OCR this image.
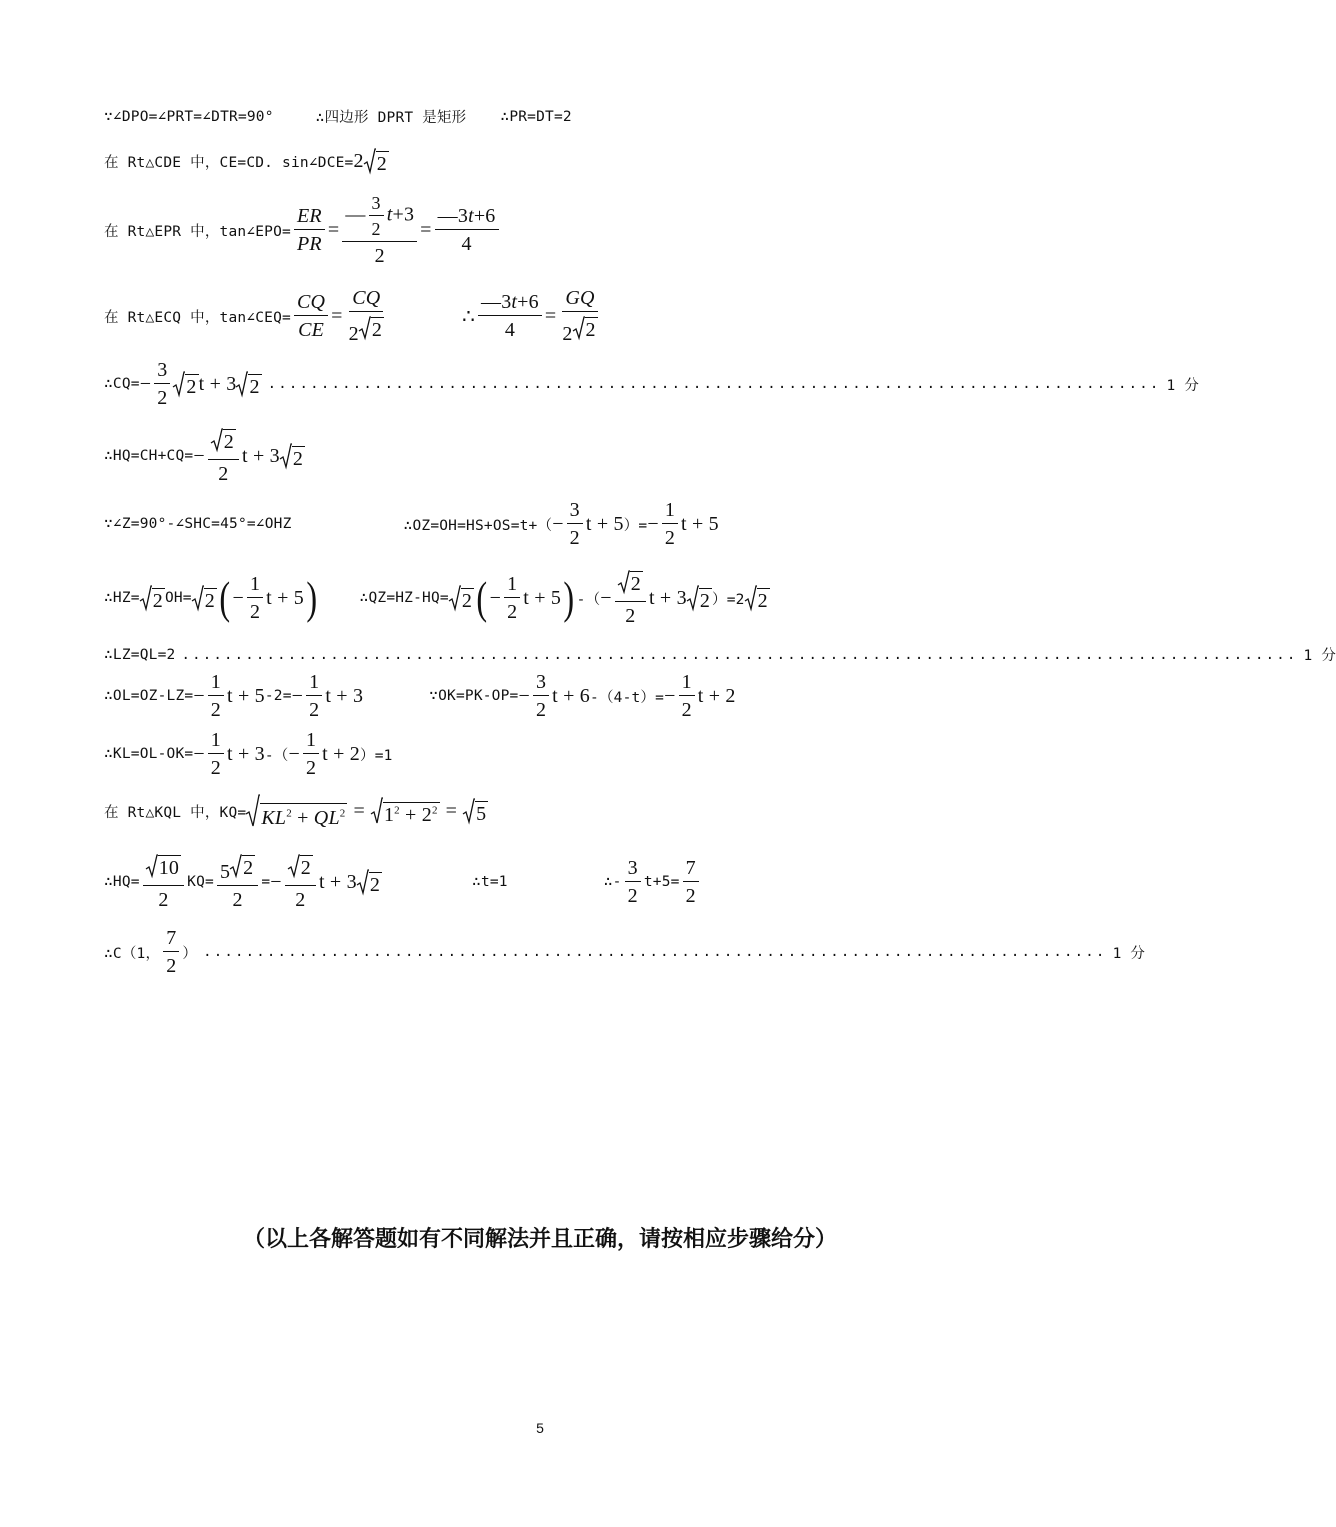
∵∠DPO=∠PRT=∠DTR=90°	∴四边形 DPRT 是矩形 ∴PR=DT=2
在 Rt△CDE 中，CE=CD. sin∠DCE= 2 2
在 Rt△EPR 中，tan∠EPO= $\frac{ER}{PR} = \frac{— \frac{3}{2} t+3}{2} = \frac{—3t+6}{4}$
在 Rt△ECQ 中，tan∠CEQ= $\frac{CQ}{CE} = \frac{CQ}{2 2}$	∴ $\frac{—3t+6}{4} = \frac{GQ}{2 2}$
∴CQ= − $\frac{3}{2} 2$ t + 3 2 .................................................................................... 1 分
∴HQ=CH+CQ= − $\frac{2}{2}$ t + 3 2
∵∠Z=90°-∠SHC=45°=∠OHZ	∴OZ=OH=HS+OS=t+（ − $\frac{3}{2}$ t + 5 ）= − $\frac{1}{2}$ t + 5
∴HZ= 2 OH= 2 ( − $\frac{1}{2}$ t + 5 )	∴QZ=HZ-HQ= 2 ( − $\frac{1}{2}$ t + 5 ) -（ − $\frac{2}{2}$ t + 3 2 ）=2 2
∴LZ=QL=2 ......................................................................................................... 1 分
∴OL=OZ-LZ= − $\frac{1}{2}$ t + 5 $-2= - \frac{1}{2}$ t + 3	∵OK=PK-OP= − $\frac{3}{2}$ t + 6 $-(4-t)= - \frac{1}{2}$ t + 2
∴KL=OL-OK= − $\frac{1}{2}$ t + 3 -（ − $\frac{1}{2}$ t + 2 ）=1
在 Rt△KQL 中，$KQ= KL^2 + QL^2 = 1^2 + 2^2 = 5$
∴HQ= $\frac{10}{2} KQ= \frac{5 2}{2}$ = − $\frac{2}{2}$ t + 3 2	∴t=1	∴- $\frac{3}{2} t+5= \frac{7}{2}$
∴C（1， $\frac{7}{2}$ ） ..................................................................................... 1 分
（以上各解答题如有不同解法并且正确，请按相应步骤给分）
5
